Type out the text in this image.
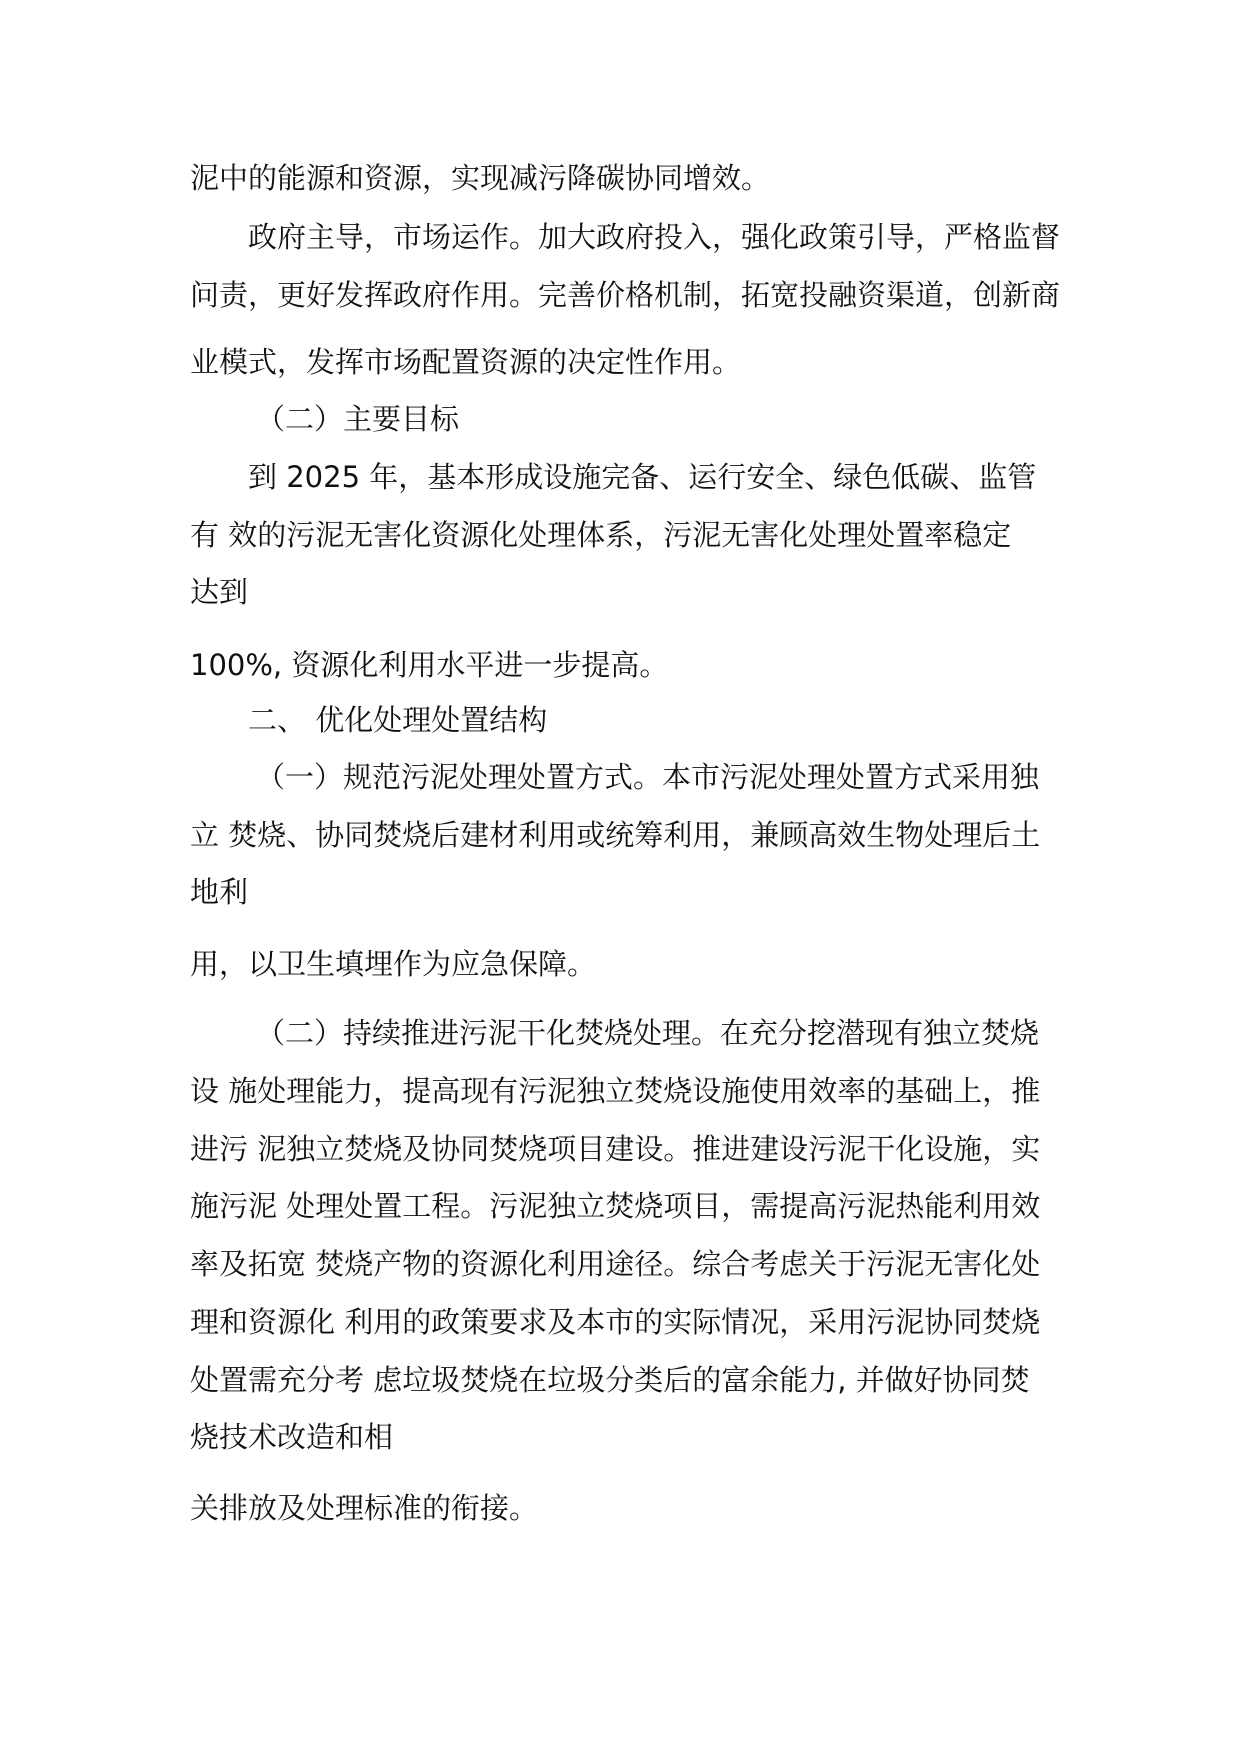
泥中的能源和资源，实现减污降碳协同增效。
政府主导，市场运作。加大政府投入，强化政策引导，严格监督
问责，更好发挥政府作用。完善价格机制，拓宽投融资渠道，创新商
业模式，发挥市场配置资源的决定性作用。
（二）主要目标
到 2025 年，基本形成设施完备、运行安全、绿色低碳、监管
有 效的污泥无害化资源化处理体系，污泥无害化处理处置率稳定
达到
100%, 资源化利用水平进一步提高。
二、 优化处理处置结构
（一）规范污泥处理处置方式。本市污泥处理处置方式采用独
立 焚烧、协同焚烧后建材利用或统筹利用，兼顾高效生物处理后土
地利
用，以卫生填埋作为应急保障。
（二）持续推进污泥干化焚烧处理。在充分挖潜现有独立焚烧
设 施处理能力，提高现有污泥独立焚烧设施使用效率的基础上，推
进污 泥独立焚烧及协同焚烧项目建设。推进建设污泥干化设施，实
施污泥 处理处置工程。污泥独立焚烧项目，需提高污泥热能利用效
率及拓宽 焚烧产物的资源化利用途径。综合考虑关于污泥无害化处
理和资源化 利用的政策要求及本市的实际情况，采用污泥协同焚烧
处置需充分考 虑垃圾焚烧在垃圾分类后的富余能力, 并做好协同焚
烧技术改造和相
关排放及处理标准的衔接。
